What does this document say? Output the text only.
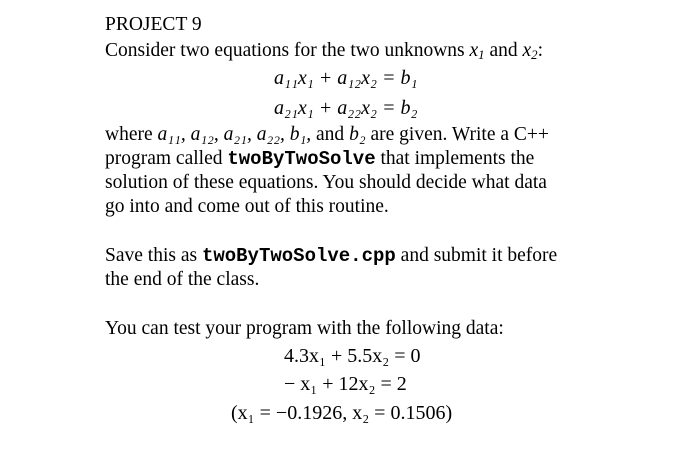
PROJECT 9
Consider two equations for the two unknowns $x_1$ and $x_2$:
a₁₁x₁ + a₁₂x₂ = b₁
a₂₁x₁ + a₂₂x₂ = b₂
where a₁₁, a₁₂, a₂₁, a₂₂, b₁, and b₂ are given. Write a C++
program called twoByTwoSolve that implements the
solution of these equations. You should decide what data
go into and come out of this routine.
Save this as twoByTwoSolve.cpp and submit it before
the end of the class.
You can test your program with the following data:
4.3x₁ + 5.5x₂ = 0
− x₁ + 12x₂ = 2
(x₁ = −0.1926, x₂ = 0.1506)
